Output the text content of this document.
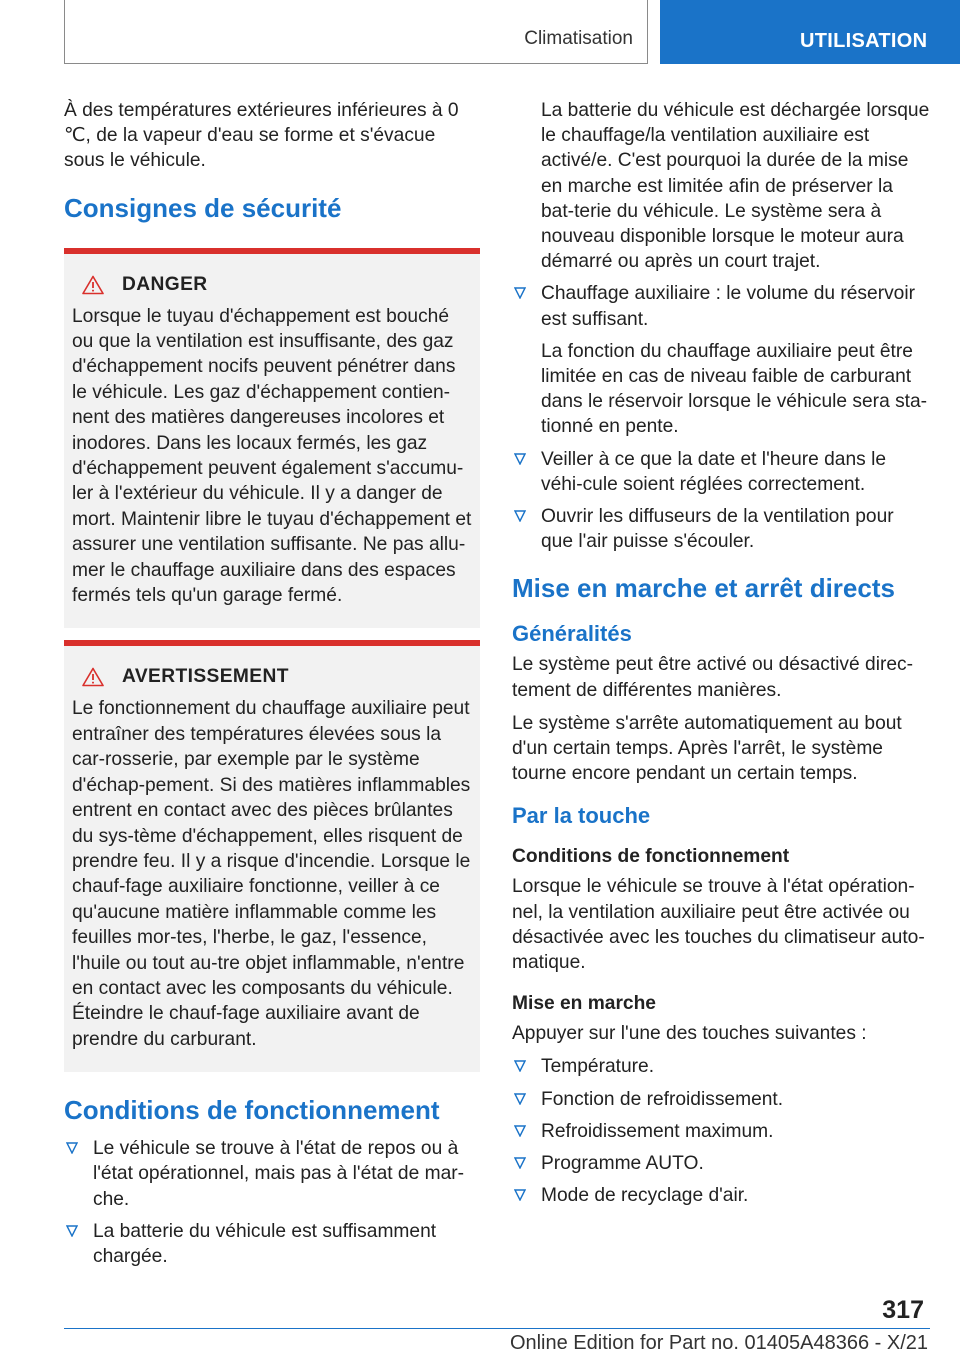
Climatisation	UTILISATION

À des températures extérieures inférieures à 0 ℃, de la vapeur d'eau se forme et s'évacue sous le véhicule.

Consignes de sécurité
DANGER

Lorsque le tuyau d'échappement est bouché ou que la ventilation est insuffisante, des gaz d'échappement nocifs peuvent pénétrer dans le véhicule. Les gaz d'échappement contien-nent des matières dangereuses incolores et inodores. Dans les locaux fermés, les gaz d'échappement peuvent également s'accumu-ler à l'extérieur du véhicule. Il y a danger de mort. Maintenir libre le tuyau d'échappement et assurer une ventilation suffisante. Ne pas allu-mer le chauffage auxiliaire dans des espaces fermés tels qu'un garage fermé.

AVERTISSEMENT

Le fonctionnement du chauffage auxiliaire peut entraîner des températures élevées sous la car-rosserie, par exemple par le système d'échap-pement. Si des matières inflammables entrent en contact avec des pièces brûlantes du sys-tème d'échappement, elles risquent de prendre feu. Il y a risque d'incendie. Lorsque le chauf-fage auxiliaire fonctionne, veiller à ce qu'aucune matière inflammable comme les feuilles mor-tes, l'herbe, le gaz, l'essence, l'huile ou tout au-tre objet inflammable, n'entre en contact avec les composants du véhicule. Éteindre le chauf-fage auxiliaire avant de prendre du carburant.

Conditions de fonctionnement
Le véhicule se trouve à l'état de repos ou à l'état opérationnel, mais pas à l'état de mar-che.
La batterie du véhicule est suffisamment chargée.

La batterie du véhicule est déchargée lorsque le chauffage/la ventilation auxiliaire est activé/e. C'est pourquoi la durée de la mise en marche est limitée afin de préserver la bat-terie du véhicule. Le système sera à nouveau disponible lorsque le moteur aura démarré ou après un court trajet.

Chauffage auxiliaire : le volume du réservoir est suffisant.

La fonction du chauffage auxiliaire peut être limitée en cas de niveau faible de carburant dans le réservoir lorsque le véhicule sera sta-tionné en pente.

Veiller à ce que la date et l'heure dans le véhi-cule soient réglées correctement.
Ouvrir les diffuseurs de la ventilation pour que l'air puisse s'écouler.
Mise en marche et arrêt directs
Généralités

Le système peut être activé ou désactivé direc-tement de différentes manières.

Le système s'arrête automatiquement au bout d'un certain temps. Après l'arrêt, le système tourne encore pendant un certain temps.

Par la touche
Conditions de fonctionnement

Lorsque le véhicule se trouve à l'état opération-nel, la ventilation auxiliaire peut être activée ou désactivée avec les touches du climatiseur auto-matique.

Mise en marche

Appuyer sur l'une des touches suivantes :

Température.
Fonction de refroidissement.
Refroidissement maximum.
Programme AUTO.
Mode de recyclage d'air.
317
Online Edition for Part no. 01405A48366 - X/21
